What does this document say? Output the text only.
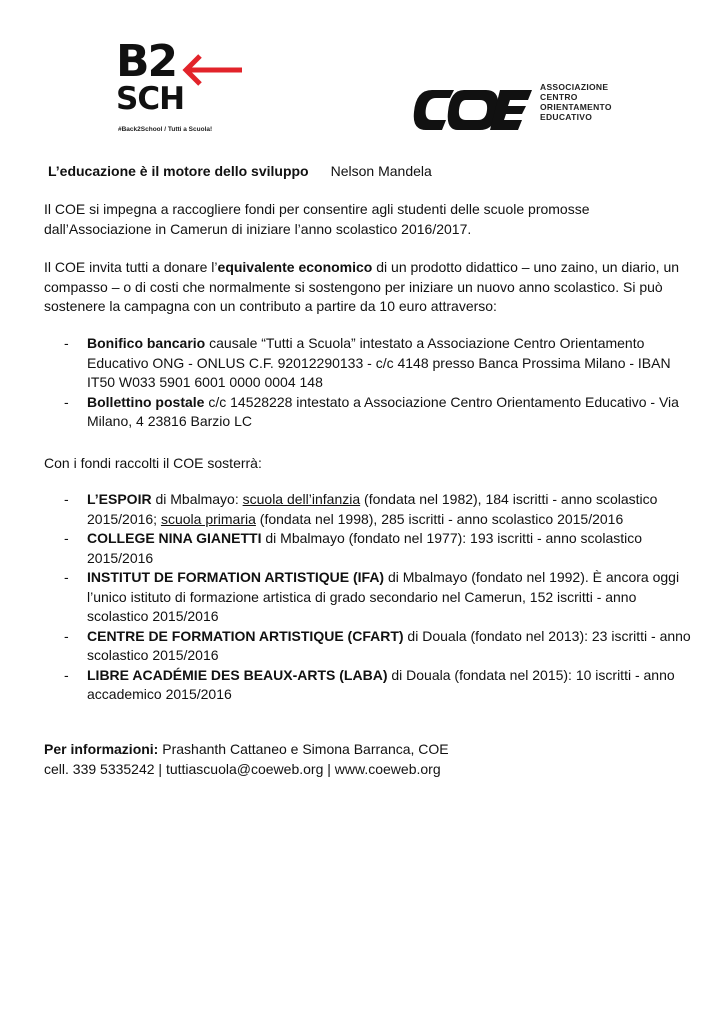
B2
SCH
#Back2School / Tutti a Scuola!
ASSOCIAZIONE
CENTRO
ORIENTAMENTO
EDUCATIVO
L’educazione è il motore dello sviluppo Nelson Mandela
Il COE si impegna a raccogliere fondi per consentire agli studenti delle scuole promosse dall’Associazione in Camerun di iniziare l’anno scolastico 2016/2017.
Il COE invita tutti a donare l’equivalente economico di un prodotto didattico – uno zaino, un diario, un compasso – o di costi che normalmente si sostengono per iniziare un nuovo anno scolastico. Si può sostenere la campagna con un contributo a partire da 10 euro attraverso:
- Bonifico bancario causale “Tutti a Scuola” intestato a Associazione Centro Orientamento Educativo ONG - ONLUS C.F. 92012290133 - c/c 4148 presso Banca Prossima Milano - IBAN IT50 W033 5901 6001 0000 0004 148
- Bollettino postale c/c 14528228 intestato a Associazione Centro Orientamento Educativo - Via Milano, 4 23816 Barzio LC
Con i fondi raccolti il COE sosterrà:
- L’ESPOIR di Mbalmayo: scuola dell’infanzia (fondata nel 1982), 184 iscritti - anno scolastico 2015/2016; scuola primaria (fondata nel 1998), 285 iscritti - anno scolastico 2015/2016
- COLLEGE NINA GIANETTI di Mbalmayo (fondato nel 1977): 193 iscritti - anno scolastico 2015/2016
- INSTITUT DE FORMATION ARTISTIQUE (IFA) di Mbalmayo (fondato nel 1992). È ancora oggi l’unico istituto di formazione artistica di grado secondario nel Camerun, 152 iscritti - anno scolastico 2015/2016
- CENTRE DE FORMATION ARTISTIQUE (CFART) di Douala (fondato nel 2013): 23 iscritti - anno scolastico 2015/2016
- LIBRE ACADÉMIE DES BEAUX-ARTS (LABA) di Douala (fondata nel 2015): 10 iscritti - anno accademico 2015/2016
Per informazioni: Prashanth Cattaneo e Simona Barranca, COE
cell. 339 5335242 | tuttiascuola@coeweb.org | www.coeweb.org
